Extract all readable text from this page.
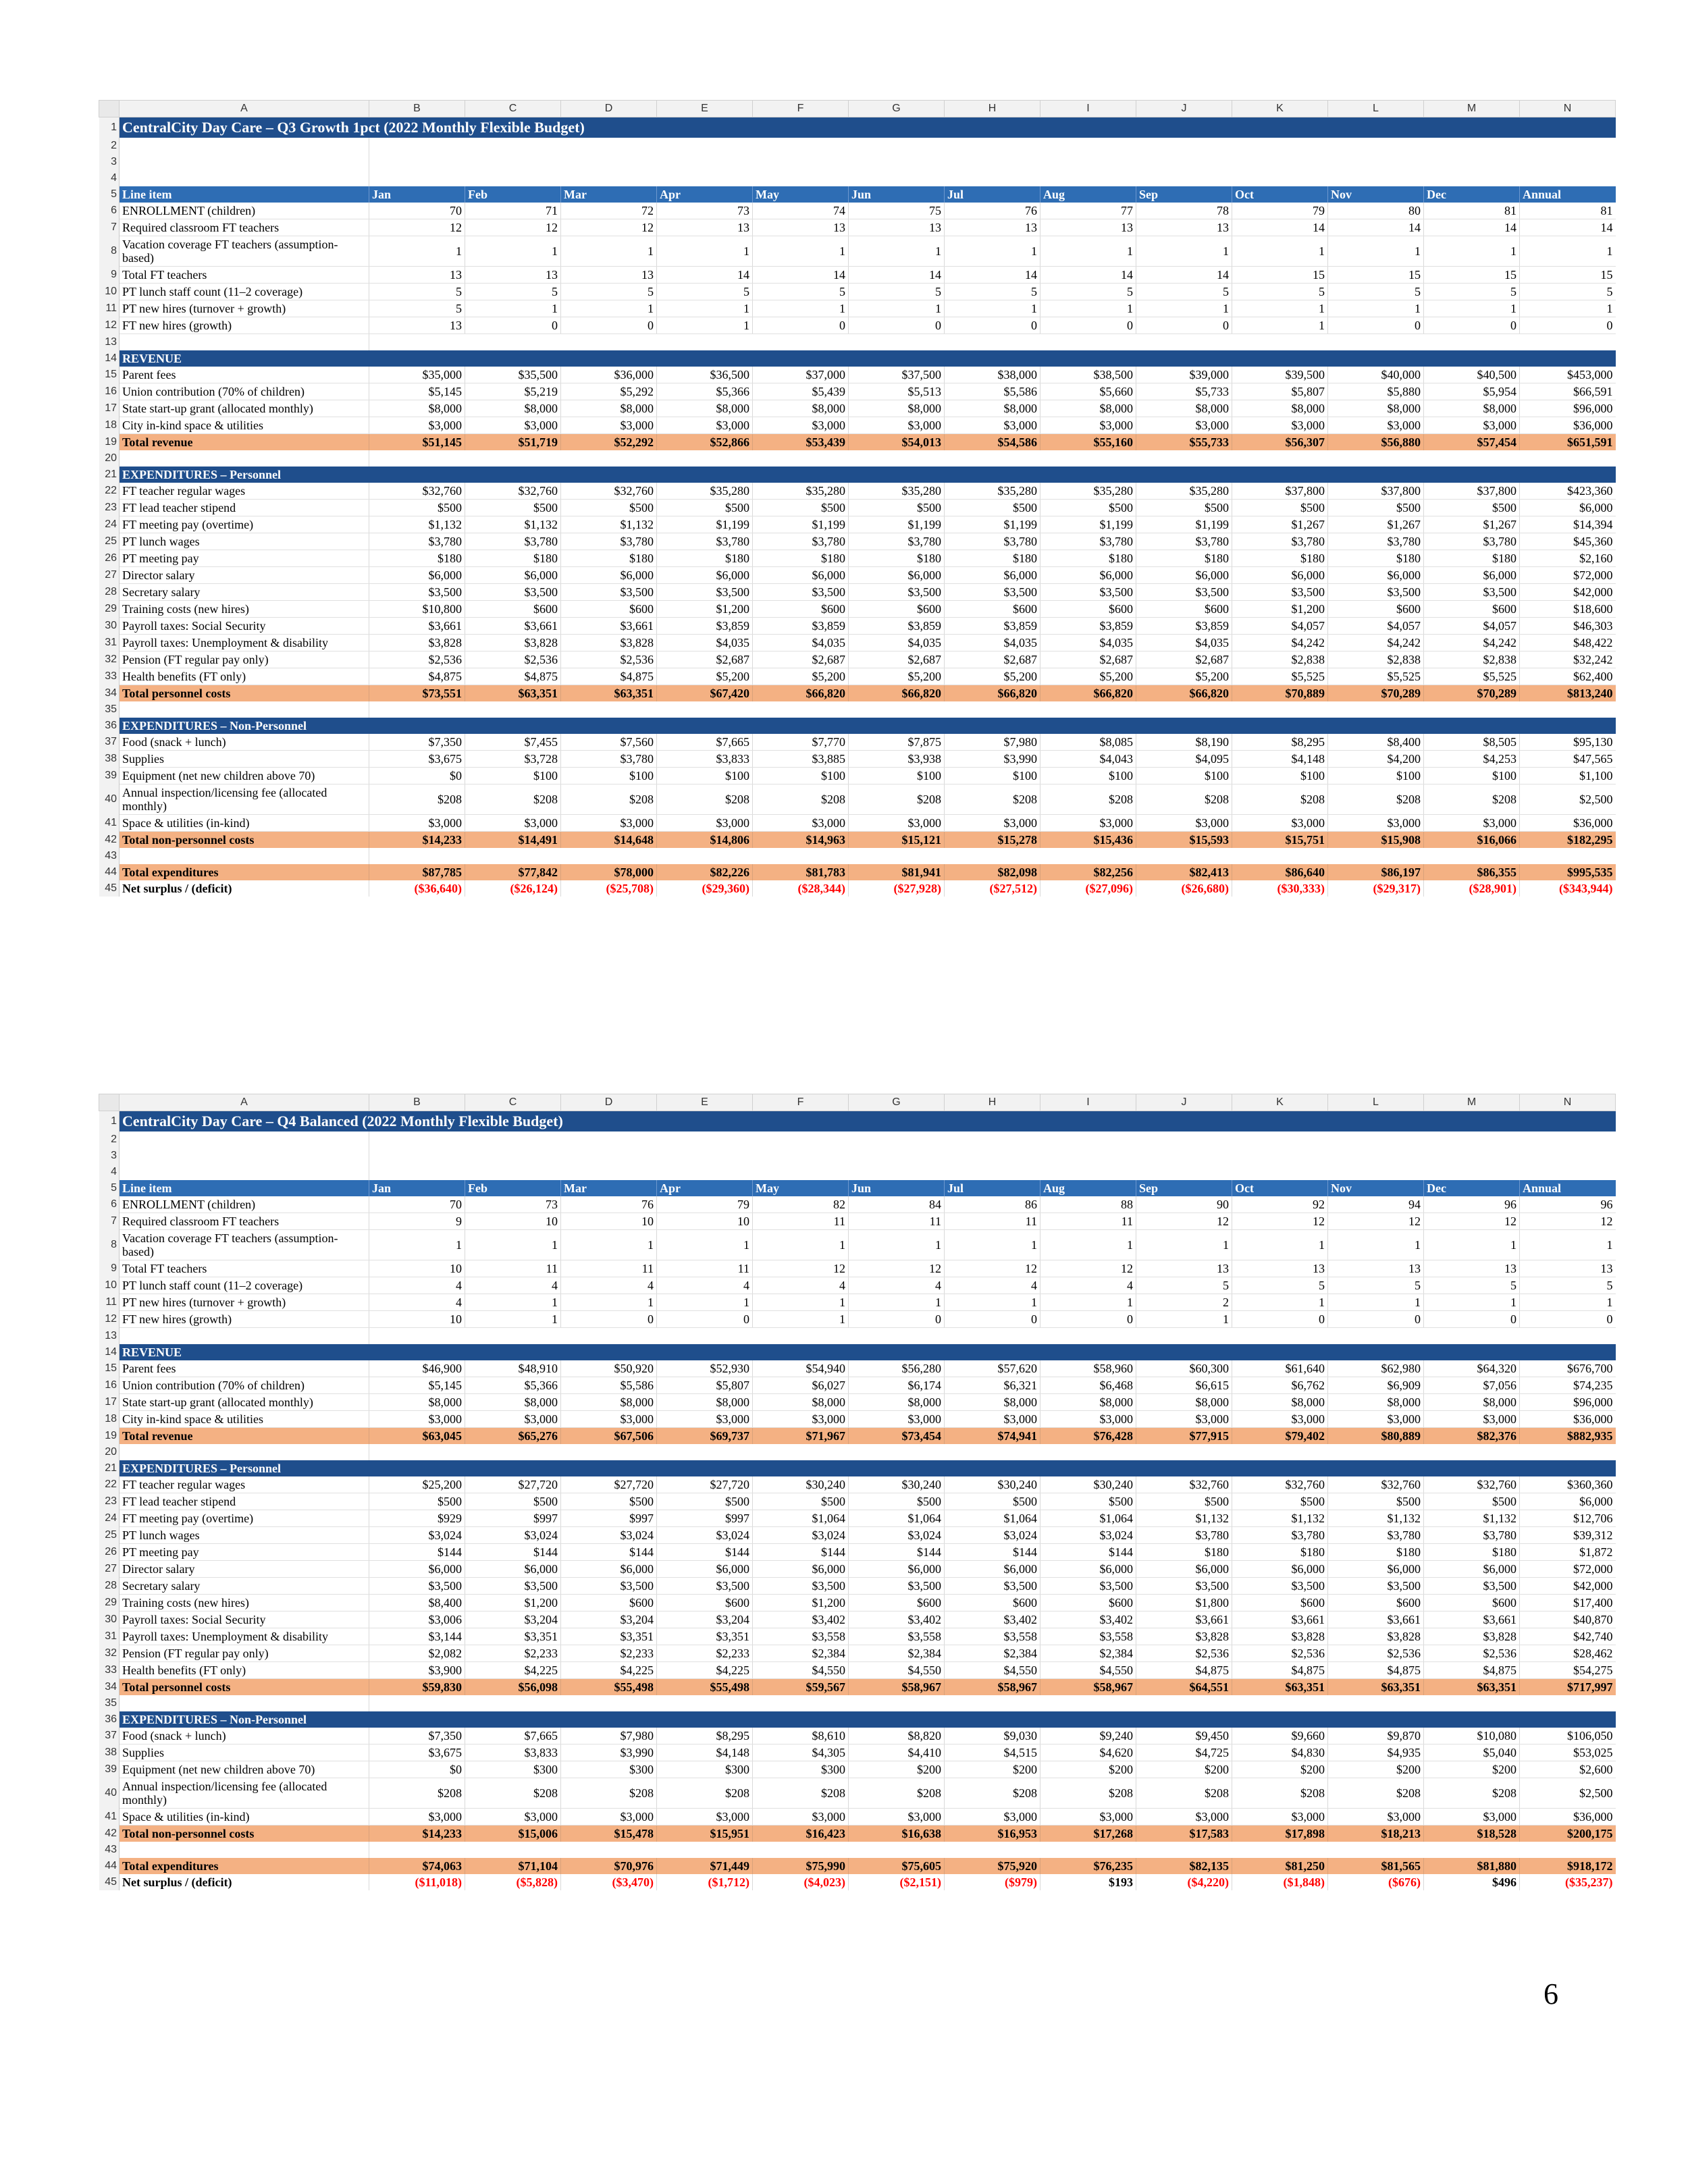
	A	B	C	D	E	F	G	H	I	J	K	L	M	N
1	CentralCity Day Care – Q3 Growth 1pct (2022 Monthly Flexible Budget)													
2														
3														
4														
5	Line item	Jan	Feb	Mar	Apr	May	Jun	Jul	Aug	Sep	Oct	Nov	Dec	Annual
6	ENROLLMENT (children)	70	71	72	73	74	75	76	77	78	79	80	81	81
7	Required classroom FT teachers	12	12	12	13	13	13	13	13	13	14	14	14	14
8	Vacation coverage FT teachers (assumption-based)	1	1	1	1	1	1	1	1	1	1	1	1	1
9	Total FT teachers	13	13	13	14	14	14	14	14	14	15	15	15	15
10	PT lunch staff count (11–2 coverage)	5	5	5	5	5	5	5	5	5	5	5	5	5
11	PT new hires (turnover + growth)	5	1	1	1	1	1	1	1	1	1	1	1	1
12	FT new hires (growth)	13	0	0	1	0	0	0	0	0	1	0	0	0
13														
14	REVENUE													
15	Parent fees	$35,000	$35,500	$36,000	$36,500	$37,000	$37,500	$38,000	$38,500	$39,000	$39,500	$40,000	$40,500	$453,000
16	Union contribution (70% of children)	$5,145	$5,219	$5,292	$5,366	$5,439	$5,513	$5,586	$5,660	$5,733	$5,807	$5,880	$5,954	$66,591
17	State start-up grant (allocated monthly)	$8,000	$8,000	$8,000	$8,000	$8,000	$8,000	$8,000	$8,000	$8,000	$8,000	$8,000	$8,000	$96,000
18	City in-kind space & utilities	$3,000	$3,000	$3,000	$3,000	$3,000	$3,000	$3,000	$3,000	$3,000	$3,000	$3,000	$3,000	$36,000
19	Total revenue	$51,145	$51,719	$52,292	$52,866	$53,439	$54,013	$54,586	$55,160	$55,733	$56,307	$56,880	$57,454	$651,591
20														
21	EXPENDITURES – Personnel													
22	FT teacher regular wages	$32,760	$32,760	$32,760	$35,280	$35,280	$35,280	$35,280	$35,280	$35,280	$37,800	$37,800	$37,800	$423,360
23	FT lead teacher stipend	$500	$500	$500	$500	$500	$500	$500	$500	$500	$500	$500	$500	$6,000
24	FT meeting pay (overtime)	$1,132	$1,132	$1,132	$1,199	$1,199	$1,199	$1,199	$1,199	$1,199	$1,267	$1,267	$1,267	$14,394
25	PT lunch wages	$3,780	$3,780	$3,780	$3,780	$3,780	$3,780	$3,780	$3,780	$3,780	$3,780	$3,780	$3,780	$45,360
26	PT meeting pay	$180	$180	$180	$180	$180	$180	$180	$180	$180	$180	$180	$180	$2,160
27	Director salary	$6,000	$6,000	$6,000	$6,000	$6,000	$6,000	$6,000	$6,000	$6,000	$6,000	$6,000	$6,000	$72,000
28	Secretary salary	$3,500	$3,500	$3,500	$3,500	$3,500	$3,500	$3,500	$3,500	$3,500	$3,500	$3,500	$3,500	$42,000
29	Training costs (new hires)	$10,800	$600	$600	$1,200	$600	$600	$600	$600	$600	$1,200	$600	$600	$18,600
30	Payroll taxes: Social Security	$3,661	$3,661	$3,661	$3,859	$3,859	$3,859	$3,859	$3,859	$3,859	$4,057	$4,057	$4,057	$46,303
31	Payroll taxes: Unemployment & disability	$3,828	$3,828	$3,828	$4,035	$4,035	$4,035	$4,035	$4,035	$4,035	$4,242	$4,242	$4,242	$48,422
32	Pension (FT regular pay only)	$2,536	$2,536	$2,536	$2,687	$2,687	$2,687	$2,687	$2,687	$2,687	$2,838	$2,838	$2,838	$32,242
33	Health benefits (FT only)	$4,875	$4,875	$4,875	$5,200	$5,200	$5,200	$5,200	$5,200	$5,200	$5,525	$5,525	$5,525	$62,400
34	Total personnel costs	$73,551	$63,351	$63,351	$67,420	$66,820	$66,820	$66,820	$66,820	$66,820	$70,889	$70,289	$70,289	$813,240
35														
36	EXPENDITURES – Non-Personnel													
37	Food (snack + lunch)	$7,350	$7,455	$7,560	$7,665	$7,770	$7,875	$7,980	$8,085	$8,190	$8,295	$8,400	$8,505	$95,130
38	Supplies	$3,675	$3,728	$3,780	$3,833	$3,885	$3,938	$3,990	$4,043	$4,095	$4,148	$4,200	$4,253	$47,565
39	Equipment (net new children above 70)	$0	$100	$100	$100	$100	$100	$100	$100	$100	$100	$100	$100	$1,100
40	Annual inspection/licensing fee (allocated monthly)	$208	$208	$208	$208	$208	$208	$208	$208	$208	$208	$208	$208	$2,500
41	Space & utilities (in-kind)	$3,000	$3,000	$3,000	$3,000	$3,000	$3,000	$3,000	$3,000	$3,000	$3,000	$3,000	$3,000	$36,000
42	Total non-personnel costs	$14,233	$14,491	$14,648	$14,806	$14,963	$15,121	$15,278	$15,436	$15,593	$15,751	$15,908	$16,066	$182,295
43														
44	Total expenditures	$87,785	$77,842	$78,000	$82,226	$81,783	$81,941	$82,098	$82,256	$82,413	$86,640	$86,197	$86,355	$995,535
45	Net surplus / (deficit)	($36,640)	($26,124)	($25,708)	($29,360)	($28,344)	($27,928)	($27,512)	($27,096)	($26,680)	($30,333)	($29,317)	($28,901)	($343,944)
	A	B	C	D	E	F	G	H	I	J	K	L	M	N
1	CentralCity Day Care – Q4 Balanced (2022 Monthly Flexible Budget)													
2														
3														
4														
5	Line item	Jan	Feb	Mar	Apr	May	Jun	Jul	Aug	Sep	Oct	Nov	Dec	Annual
6	ENROLLMENT (children)	70	73	76	79	82	84	86	88	90	92	94	96	96
7	Required classroom FT teachers	9	10	10	10	11	11	11	11	12	12	12	12	12
8	Vacation coverage FT teachers (assumption-based)	1	1	1	1	1	1	1	1	1	1	1	1	1
9	Total FT teachers	10	11	11	11	12	12	12	12	13	13	13	13	13
10	PT lunch staff count (11–2 coverage)	4	4	4	4	4	4	4	4	5	5	5	5	5
11	PT new hires (turnover + growth)	4	1	1	1	1	1	1	1	2	1	1	1	1
12	FT new hires (growth)	10	1	0	0	1	0	0	0	1	0	0	0	0
13														
14	REVENUE													
15	Parent fees	$46,900	$48,910	$50,920	$52,930	$54,940	$56,280	$57,620	$58,960	$60,300	$61,640	$62,980	$64,320	$676,700
16	Union contribution (70% of children)	$5,145	$5,366	$5,586	$5,807	$6,027	$6,174	$6,321	$6,468	$6,615	$6,762	$6,909	$7,056	$74,235
17	State start-up grant (allocated monthly)	$8,000	$8,000	$8,000	$8,000	$8,000	$8,000	$8,000	$8,000	$8,000	$8,000	$8,000	$8,000	$96,000
18	City in-kind space & utilities	$3,000	$3,000	$3,000	$3,000	$3,000	$3,000	$3,000	$3,000	$3,000	$3,000	$3,000	$3,000	$36,000
19	Total revenue	$63,045	$65,276	$67,506	$69,737	$71,967	$73,454	$74,941	$76,428	$77,915	$79,402	$80,889	$82,376	$882,935
20														
21	EXPENDITURES – Personnel													
22	FT teacher regular wages	$25,200	$27,720	$27,720	$27,720	$30,240	$30,240	$30,240	$30,240	$32,760	$32,760	$32,760	$32,760	$360,360
23	FT lead teacher stipend	$500	$500	$500	$500	$500	$500	$500	$500	$500	$500	$500	$500	$6,000
24	FT meeting pay (overtime)	$929	$997	$997	$997	$1,064	$1,064	$1,064	$1,064	$1,132	$1,132	$1,132	$1,132	$12,706
25	PT lunch wages	$3,024	$3,024	$3,024	$3,024	$3,024	$3,024	$3,024	$3,024	$3,780	$3,780	$3,780	$3,780	$39,312
26	PT meeting pay	$144	$144	$144	$144	$144	$144	$144	$144	$180	$180	$180	$180	$1,872
27	Director salary	$6,000	$6,000	$6,000	$6,000	$6,000	$6,000	$6,000	$6,000	$6,000	$6,000	$6,000	$6,000	$72,000
28	Secretary salary	$3,500	$3,500	$3,500	$3,500	$3,500	$3,500	$3,500	$3,500	$3,500	$3,500	$3,500	$3,500	$42,000
29	Training costs (new hires)	$8,400	$1,200	$600	$600	$1,200	$600	$600	$600	$1,800	$600	$600	$600	$17,400
30	Payroll taxes: Social Security	$3,006	$3,204	$3,204	$3,204	$3,402	$3,402	$3,402	$3,402	$3,661	$3,661	$3,661	$3,661	$40,870
31	Payroll taxes: Unemployment & disability	$3,144	$3,351	$3,351	$3,351	$3,558	$3,558	$3,558	$3,558	$3,828	$3,828	$3,828	$3,828	$42,740
32	Pension (FT regular pay only)	$2,082	$2,233	$2,233	$2,233	$2,384	$2,384	$2,384	$2,384	$2,536	$2,536	$2,536	$2,536	$28,462
33	Health benefits (FT only)	$3,900	$4,225	$4,225	$4,225	$4,550	$4,550	$4,550	$4,550	$4,875	$4,875	$4,875	$4,875	$54,275
34	Total personnel costs	$59,830	$56,098	$55,498	$55,498	$59,567	$58,967	$58,967	$58,967	$64,551	$63,351	$63,351	$63,351	$717,997
35														
36	EXPENDITURES – Non-Personnel													
37	Food (snack + lunch)	$7,350	$7,665	$7,980	$8,295	$8,610	$8,820	$9,030	$9,240	$9,450	$9,660	$9,870	$10,080	$106,050
38	Supplies	$3,675	$3,833	$3,990	$4,148	$4,305	$4,410	$4,515	$4,620	$4,725	$4,830	$4,935	$5,040	$53,025
39	Equipment (net new children above 70)	$0	$300	$300	$300	$300	$200	$200	$200	$200	$200	$200	$200	$2,600
40	Annual inspection/licensing fee (allocated monthly)	$208	$208	$208	$208	$208	$208	$208	$208	$208	$208	$208	$208	$2,500
41	Space & utilities (in-kind)	$3,000	$3,000	$3,000	$3,000	$3,000	$3,000	$3,000	$3,000	$3,000	$3,000	$3,000	$3,000	$36,000
42	Total non-personnel costs	$14,233	$15,006	$15,478	$15,951	$16,423	$16,638	$16,953	$17,268	$17,583	$17,898	$18,213	$18,528	$200,175
43														
44	Total expenditures	$74,063	$71,104	$70,976	$71,449	$75,990	$75,605	$75,920	$76,235	$82,135	$81,250	$81,565	$81,880	$918,172
45	Net surplus / (deficit)	($11,018)	($5,828)	($3,470)	($1,712)	($4,023)	($2,151)	($979)	$193	($4,220)	($1,848)	($676)	$496	($35,237)
6
